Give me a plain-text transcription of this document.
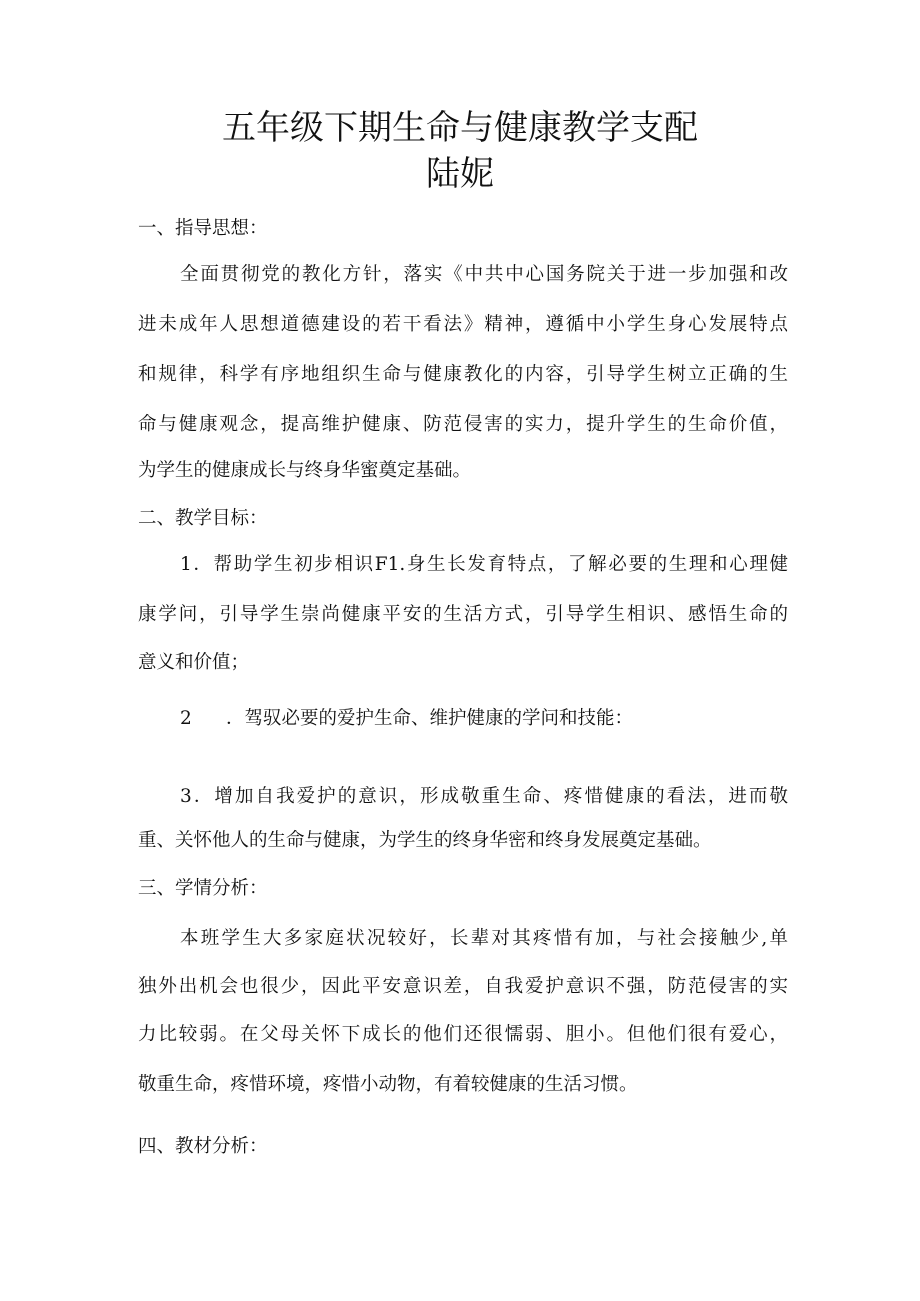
五年级下期生命与健康教学支配
陆妮
一、指导思想：
全面贯彻党的教化方针，落实《中共中心国务院关于进一步加强和改
进未成年人思想道德建设的若干看法》精神，遵循中小学生身心发展特点
和规律，科学有序地组织生命与健康教化的内容，引导学生树立正确的生
命与健康观念，提高维护健康、防范侵害的实力，提升学生的生命价值，
为学生的健康成长与终身华蜜奠定基础。
二、教学目标：
1．帮助学生初步相识F1.身生长发育特点，了解必要的生理和心理健
康学问，引导学生崇尚健康平安的生活方式，引导学生相识、感悟生命的
意义和价值；
2	．驾驭必要的爱护生命、维护健康的学问和技能：
3．增加自我爱护的意识，形成敬重生命、疼惜健康的看法，进而敬
重、关怀他人的生命与健康，为学生的终身华密和终身发展奠定基础。
三、学情分析：
本班学生大多家庭状况较好，长辈对其疼惜有加，与社会接触少,单
独外出机会也很少，因此平安意识差，自我爱护意识不强，防范侵害的实
力比较弱。在父母关怀下成长的他们还很懦弱、胆小。但他们很有爱心，
敬重生命，疼惜环境，疼惜小动物，有着较健康的生活习惯。
四、教材分析：
